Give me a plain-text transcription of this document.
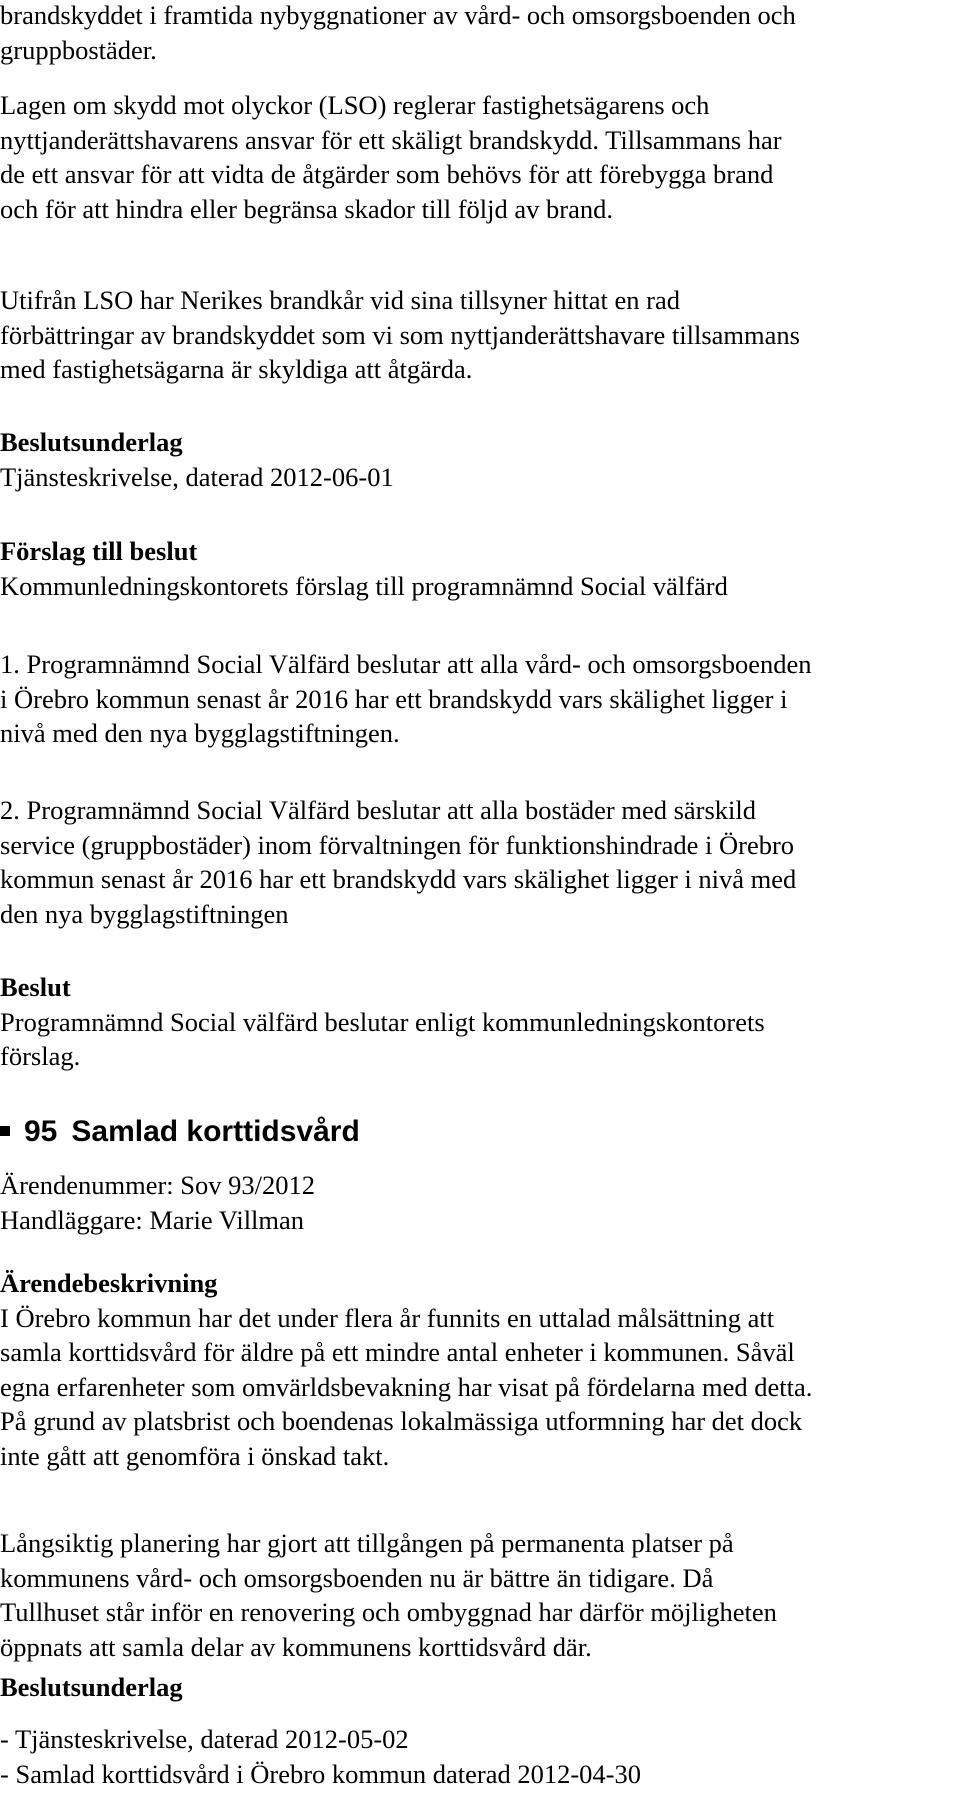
brandskyddet i framtida nybyggnationer av vård- och omsorgsboenden och
gruppbostäder.
Lagen om skydd mot olyckor (LSO) reglerar fastighetsägarens och
nyttjanderättshavarens ansvar för ett skäligt brandskydd. Tillsammans har
de ett ansvar för att vidta de åtgärder som behövs för att förebygga brand
och för att hindra eller begränsa skador till följd av brand.
Utifrån LSO har Nerikes brandkår vid sina tillsyner hittat en rad
förbättringar av brandskyddet som vi som nyttjanderättshavare tillsammans
med fastighetsägarna är skyldiga att åtgärda.
Beslutsunderlag
Tjänsteskrivelse, daterad 2012-06-01
Förslag till beslut
Kommunledningskontorets förslag till programnämnd Social välfärd
1. Programnämnd Social Välfärd beslutar att alla vård- och omsorgsboenden
i Örebro kommun senast år 2016 har ett brandskydd vars skälighet ligger i
nivå med den nya bygglagstiftningen.
2. Programnämnd Social Välfärd beslutar att alla bostäder med särskild
service (gruppbostäder) inom förvaltningen för funktionshindrade i Örebro
kommun senast år 2016 har ett brandskydd vars skälighet ligger i nivå med
den nya bygglagstiftningen
Beslut
Programnämnd Social välfärd beslutar enligt kommunledningskontorets
förslag.
95 Samlad korttidsvård
Ärendenummer: Sov 93/2012
Handläggare: Marie Villman
Ärendebeskrivning
I Örebro kommun har det under flera år funnits en uttalad målsättning att
samla korttidsvård för äldre på ett mindre antal enheter i kommunen. Såväl
egna erfarenheter som omvärldsbevakning har visat på fördelarna med detta.
På grund av platsbrist och boendenas lokalmässiga utformning har det dock
inte gått att genomföra i önskad takt.
Långsiktig planering har gjort att tillgången på permanenta platser på
kommunens vård- och omsorgsboenden nu är bättre än tidigare. Då
Tullhuset står inför en renovering och ombyggnad har därför möjligheten
öppnats att samla delar av kommunens korttidsvård där.
Beslutsunderlag
- Tjänsteskrivelse, daterad 2012-05-02
- Samlad korttidsvård i Örebro kommun daterad 2012-04-30
